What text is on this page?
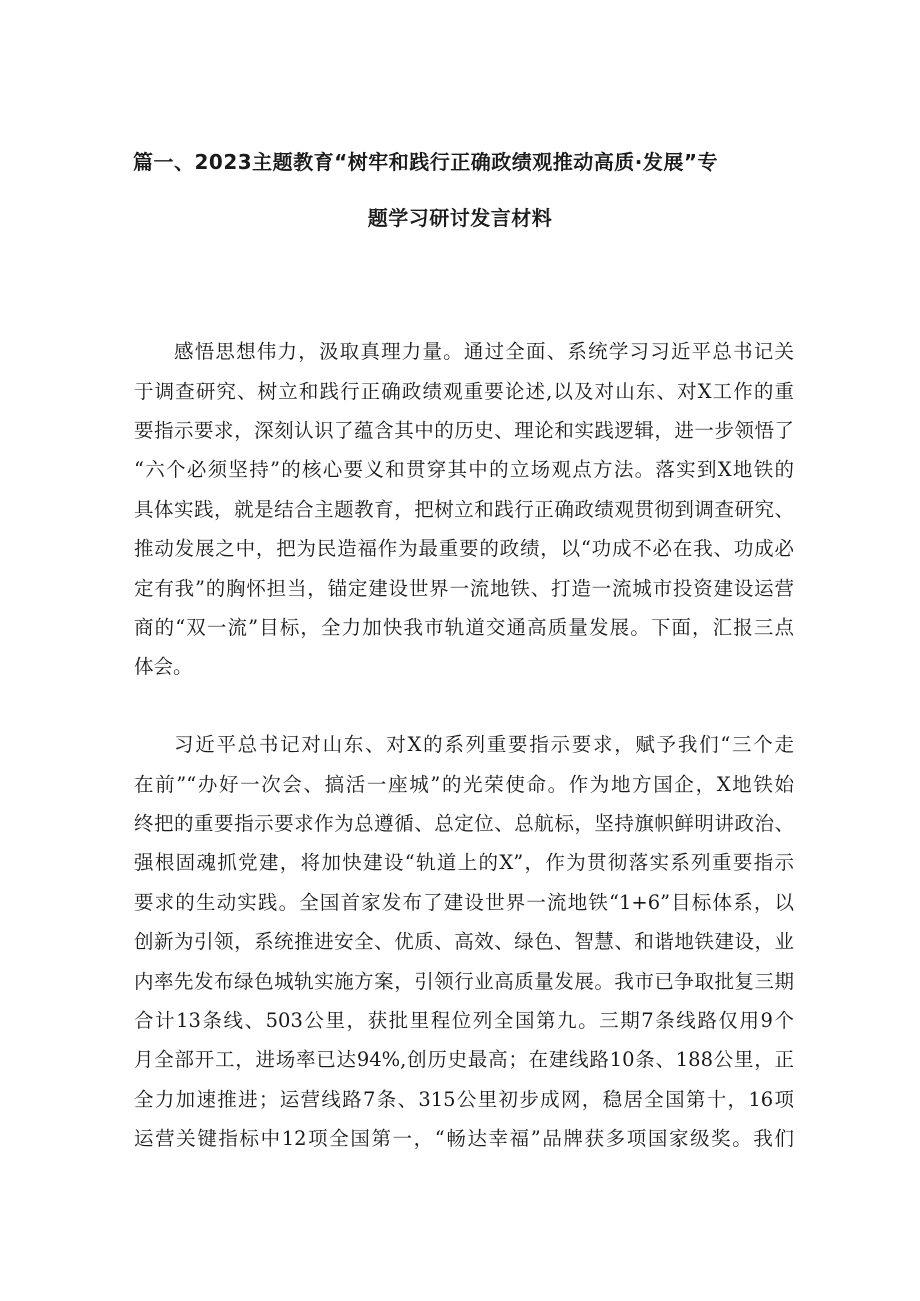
篇一、2023主题教育“树牢和践行正确政绩观推动高质·发展”专
题学习研讨发言材料
感悟思想伟力，汲取真理力量。通过全面、系统学习习近平总书记关
于调查研究、树立和践行正确政绩观重要论述,以及对山东、对X工作的重
要指示要求，深刻认识了蕴含其中的历史、理论和实践逻辑，进一步领悟了
“六个必须坚持”的核心要义和贯穿其中的立场观点方法。落实到X地铁的
具体实践，就是结合主题教育，把树立和践行正确政绩观贯彻到调查研究、
推动发展之中，把为民造福作为最重要的政绩，以“功成不必在我、功成必
定有我”的胸怀担当，锚定建设世界一流地铁、打造一流城市投资建设运营
商的“双一流”目标，全力加快我市轨道交通高质量发展。下面，汇报三点
体会。
习近平总书记对山东、对X的系列重要指示要求，赋予我们“三个走
在前”“办好一次会、搞活一座城”的光荣使命。作为地方国企，X地铁始
终把的重要指示要求作为总遵循、总定位、总航标，坚持旗帜鲜明讲政治、
强根固魂抓党建，将加快建设“轨道上的X”，作为贯彻落实系列重要指示
要求的生动实践。全国首家发布了建设世界一流地铁“1+6”目标体系，以
创新为引领，系统推进安全、优质、高效、绿色、智慧、和谐地铁建设，业
内率先发布绿色城轨实施方案，引领行业高质量发展。我市已争取批复三期
合计13条线、503公里，获批里程位列全国第九。三期7条线路仅用9个
月全部开工，进场率已达94%,创历史最高；在建线路10条、188公里，正
全力加速推进；运营线路7条、315公里初步成网，稳居全国第十，16项
运营关键指标中12项全国第一，“畅达幸福”品牌获多项国家级奖。我们
